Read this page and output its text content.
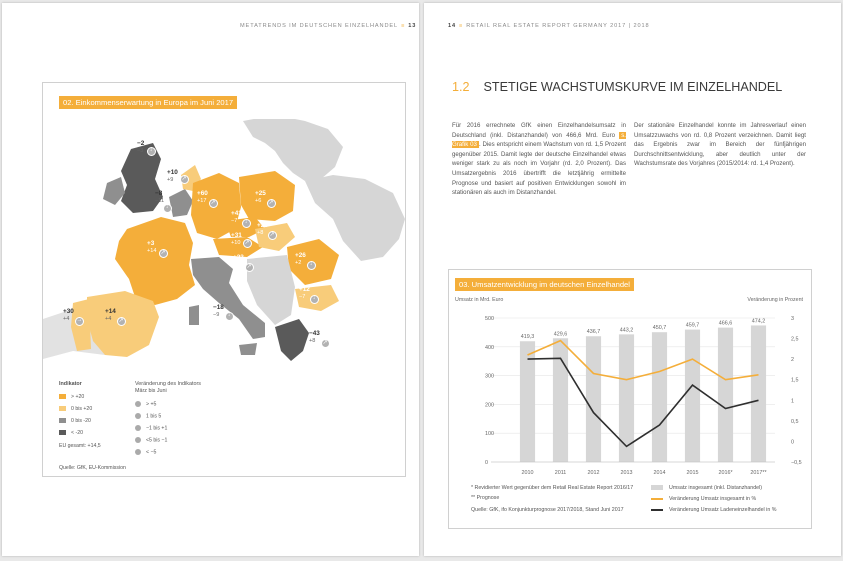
METATRENDS IM DEUTSCHEN EINZELHANDEL ≡ 13
02. Einkommenserwartung in Europa im Juni 2017
−2
−3
↓
+10
+9
↗
−8
−11
↓
+60
+17
↗
+25
+6
↗
+41
−7
↓
+31
+10
↗
+25
+8
↗
+3
+14
↗
+23
+9
↗
+26
+2
↓
+12
−7
↓
−18
−9
↓
+30
+4
→
+14
+4
↗
−43
+8
↗
Indikator
> +20
0 bis +20
0 bis -20
< -20
EU gesamt: +14,5
Veränderung des Indikators
März bis Juni
> +5
1 bis 5
−1 bis +1
<5 bis −1
< −5
Quelle: GfK, EU-Kommission
14 ≡ RETAIL REAL ESTATE REPORT GERMANY 2017 | 2018
1.2 STETIGE WACHSTUMSKURVE IM EINZELHANDEL
Für 2016 errechnete GfK einen Einzelhandelsumsatz in Deutschland (inkl. Distanzhandel) von 466,6 Mrd. Euro s. Grafik 03 . Dies entspricht einem Wachstum von rd. 1,5 Prozent gegenüber 2015. Damit legte der deutsche Einzelhandel etwas weniger stark zu als noch im Vorjahr (rd. 2,0 Prozent). Das Umsatzergebnis 2016 übertrifft die letztjährig ermittelte Prognose und basiert auf positiven Entwicklungen sowohl im stationären als auch im Distanzhandel.
Der stationäre Einzelhandel konnte im Jahresverlauf einen Umsatzzuwachs von rd. 0,8 Prozent verzeichnen. Damit liegt das Ergebnis zwar im Bereich der fünfjährigen Durchschnittsentwicklung, aber deutlich unter der Wachstumsrate des Vorjahres (2015/2014: rd. 1,4 Prozent).
03. Umsatzentwicklung im deutschen Einzelhandel
Umsatz in Mrd. Euro	Veränderung in Prozent
0
100
200
300
400
500
−0,5
0
0,5
1
1,5
2
2,5
3
419,3
2010
429,6
2011
436,7
2012
443,2
2013
450,7
2014
459,7
2015
466,6
2016*
474,2
2017**
* Revidierter Wert gegenüber dem Retail Real Estate Report 2016/17
** Prognose
Quelle: GfK, ifo Konjunkturprognose 2017/2018, Stand Juni 2017
Umsatz insgesamt (inkl. Distanzhandel)
Veränderung Umsatz insgesamt in %
Veränderung Umsatz Ladeneinzelhandel in %
